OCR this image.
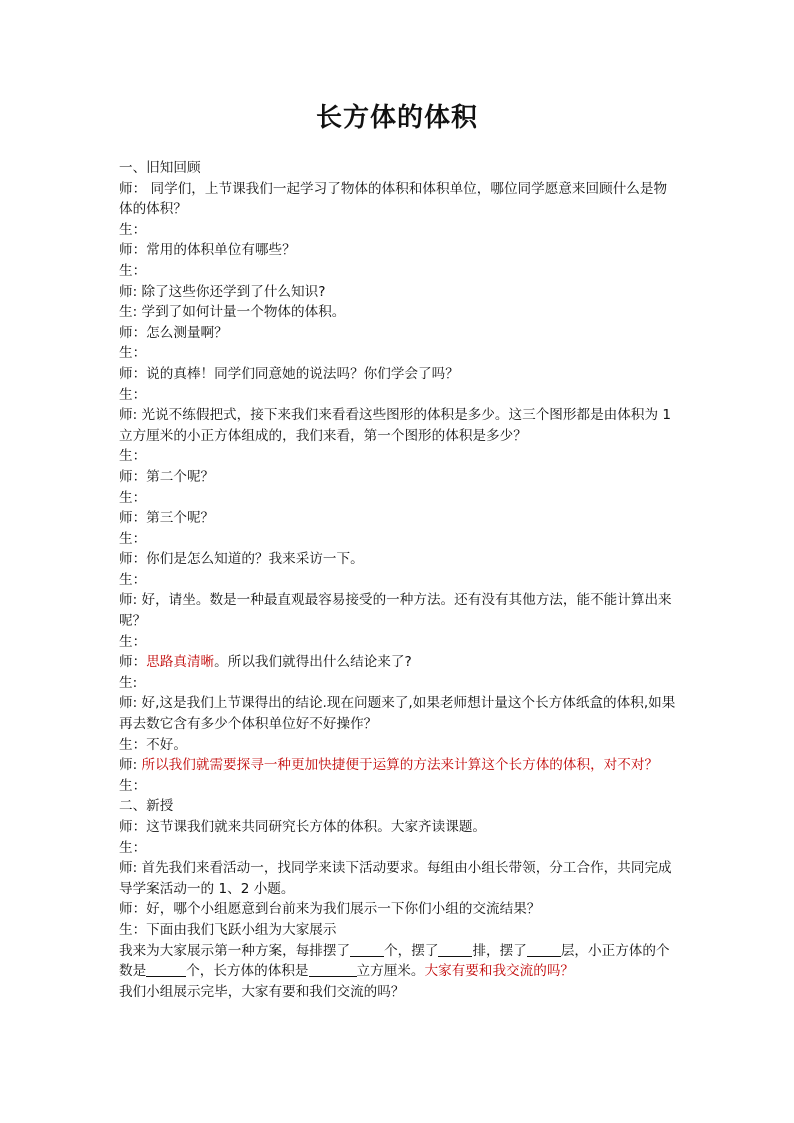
长方体的体积

一、旧知回顾

师： 同学们，上节课我们一起学习了物体的体积和体积单位，哪位同学愿意来回顾什么是物体的体积？

生：

师：常用的体积单位有哪些？

生：

师: 除了这些你还学到了什么知识?

生: 学到了如何计量一个物体的体积。

师：怎么测量啊？

生：

师：说的真棒！同学们同意她的说法吗？你们学会了吗？

生：

师: 光说不练假把式，接下来我们来看看这些图形的体积是多少。这三个图形都是由体积为 1 立方厘米的小正方体组成的，我们来看，第一个图形的体积是多少？

生：

师：第二个呢？

生：

师：第三个呢？

生：

师：你们是怎么知道的？我来采访一下。

生：

师: 好，请坐。数是一种最直观最容易接受的一种方法。还有没有其他方法，能不能计算出来呢？

生：

师：思路真清晰。所以我们就得出什么结论来了?

生:

师: 好,这是我们上节课得出的结论.现在问题来了,如果老师想计量这个长方体纸盒的体积,如果再去数它含有多少个体积单位好不好操作？

生：不好。

师: 所以我们就需要探寻一种更加快捷便于运算的方法来计算这个长方体的体积，对不对？

生：

二、新授

师：这节课我们就来共同研究长方体的体积。大家齐读课题。

生：

师: 首先我们来看活动一，找同学来读下活动要求。每组由小组长带领，分工合作，共同完成导学案活动一的 1、2 小题。

师：好，哪个小组愿意到台前来为我们展示一下你们小组的交流结果？

生：下面由我们飞跃小组为大家展示

我来为大家展示第一种方案，每排摆了	个，摆了	排，摆了	层，小正方体的个数是	个，长方体的体积是	立方厘米。大家有要和我交流的吗？

我们小组展示完毕，大家有要和我们交流的吗？
